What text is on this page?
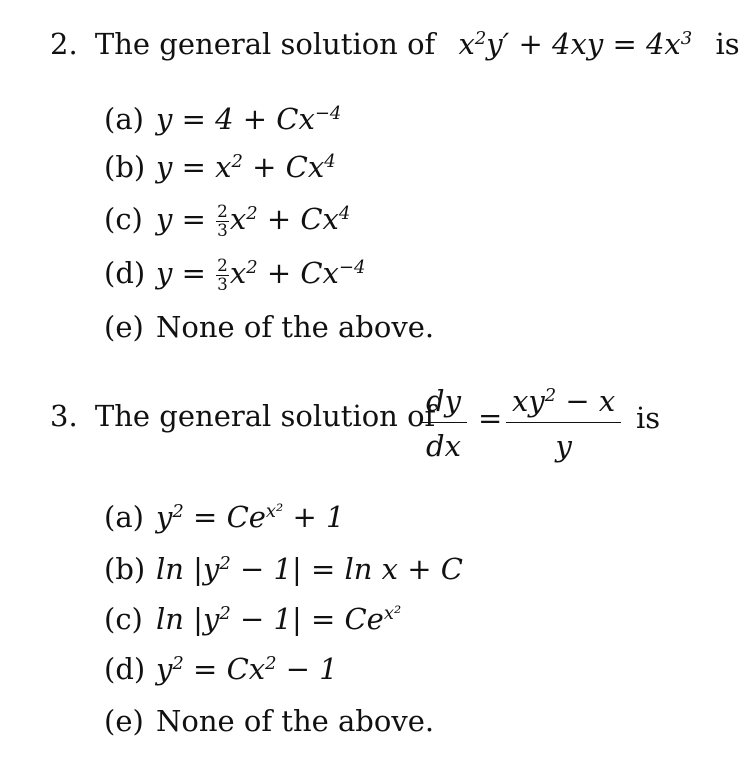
2. The general solution of $x^2y' + 4xy = 4x^3$ is
(a) $y = 4 + Cx^{-4}$
(b) $y = x^2 + Cx^4$
(c) $y = \frac{2}{3} x^2 + Cx^4$
(d) $y = \frac{2}{3} x^2 + Cx^{-4}$
(e) None of the above.
3. The general solution of
$\frac{dy}{dx} = \frac{xy^2 - x}{y}$ is
(a) $y^2 = Ce^{x^2} + 1$
(b) $\ln |y^2 - 1| = \ln x + C$
(c) $\ln |y^2 - 1| = Ce^{x^2}$
(d) $y^2 = Cx^2 - 1$
(e) None of the above.
